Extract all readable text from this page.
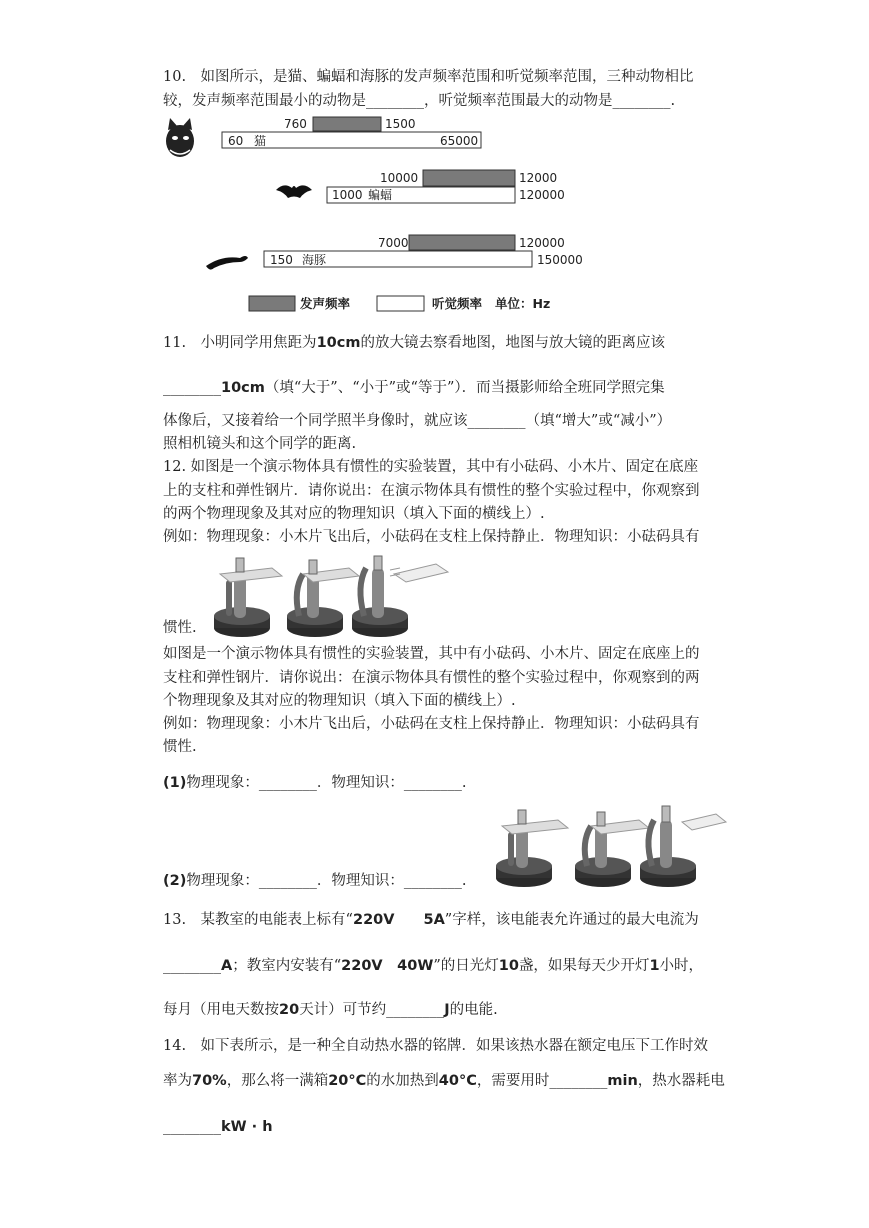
10.　如图所示，是猫、蝙蝠和海豚的发声频率范围和听觉频率范围，三种动物相比
较，发声频率范围最小的动物是________，听觉频率范围最大的动物是________.
760	1500
60 猫	65000
10000	12000
1000 蝙蝠	120000
7000	120000
150 海豚	150000
发声频率	听觉频率 单位：Hz
11.　小明同学用焦距为10cm的放大镜去察看地图，地图与放大镜的距离应该
________10cm（填“大于”、“小于”或“等于”）．而当摄影师给全班同学照完集
体像后，又接着给一个同学照半身像时，就应该________（填“增大”或“减小”）
照相机镜头和这个同学的距离.
12. 如图是一个演示物体具有惯性的实验装置，其中有小砝码、小木片、固定在底座
上的支柱和弹性钢片．请你说出：在演示物体具有惯性的整个实验过程中，你观察到
的两个物理现象及其对应的物理知识（填入下面的横线上）.
例如：物理现象：小木片飞出后，小砝码在支柱上保持静止．物理知识：小砝码具有
惯性.
如图是一个演示物体具有惯性的实验装置，其中有小砝码、小木片、固定在底座上的
支柱和弹性钢片．请你说出：在演示物体具有惯性的整个实验过程中，你观察到的两
个物理现象及其对应的物理知识（填入下面的横线上）.
例如：物理现象：小木片飞出后，小砝码在支柱上保持静止．物理知识：小砝码具有
惯性.
(1)物理现象：________．物理知识：________.
(2)物理现象：________．物理知识：________.
13.　某教室的电能表上标有“220V　　5A”字样，该电能表允许通过的最大电流为
________A；教室内安装有“220V　40W”的日光灯10盏，如果每天少开灯1小时，
每月（用电天数按20天计）可节约________J的电能.
14.　如下表所示，是一种全自动热水器的铭牌．如果该热水器在额定电压下工作时效
率为70%，那么将一满箱20°C的水加热到40°C，需要用时________min，热水器耗电
________kW · h
